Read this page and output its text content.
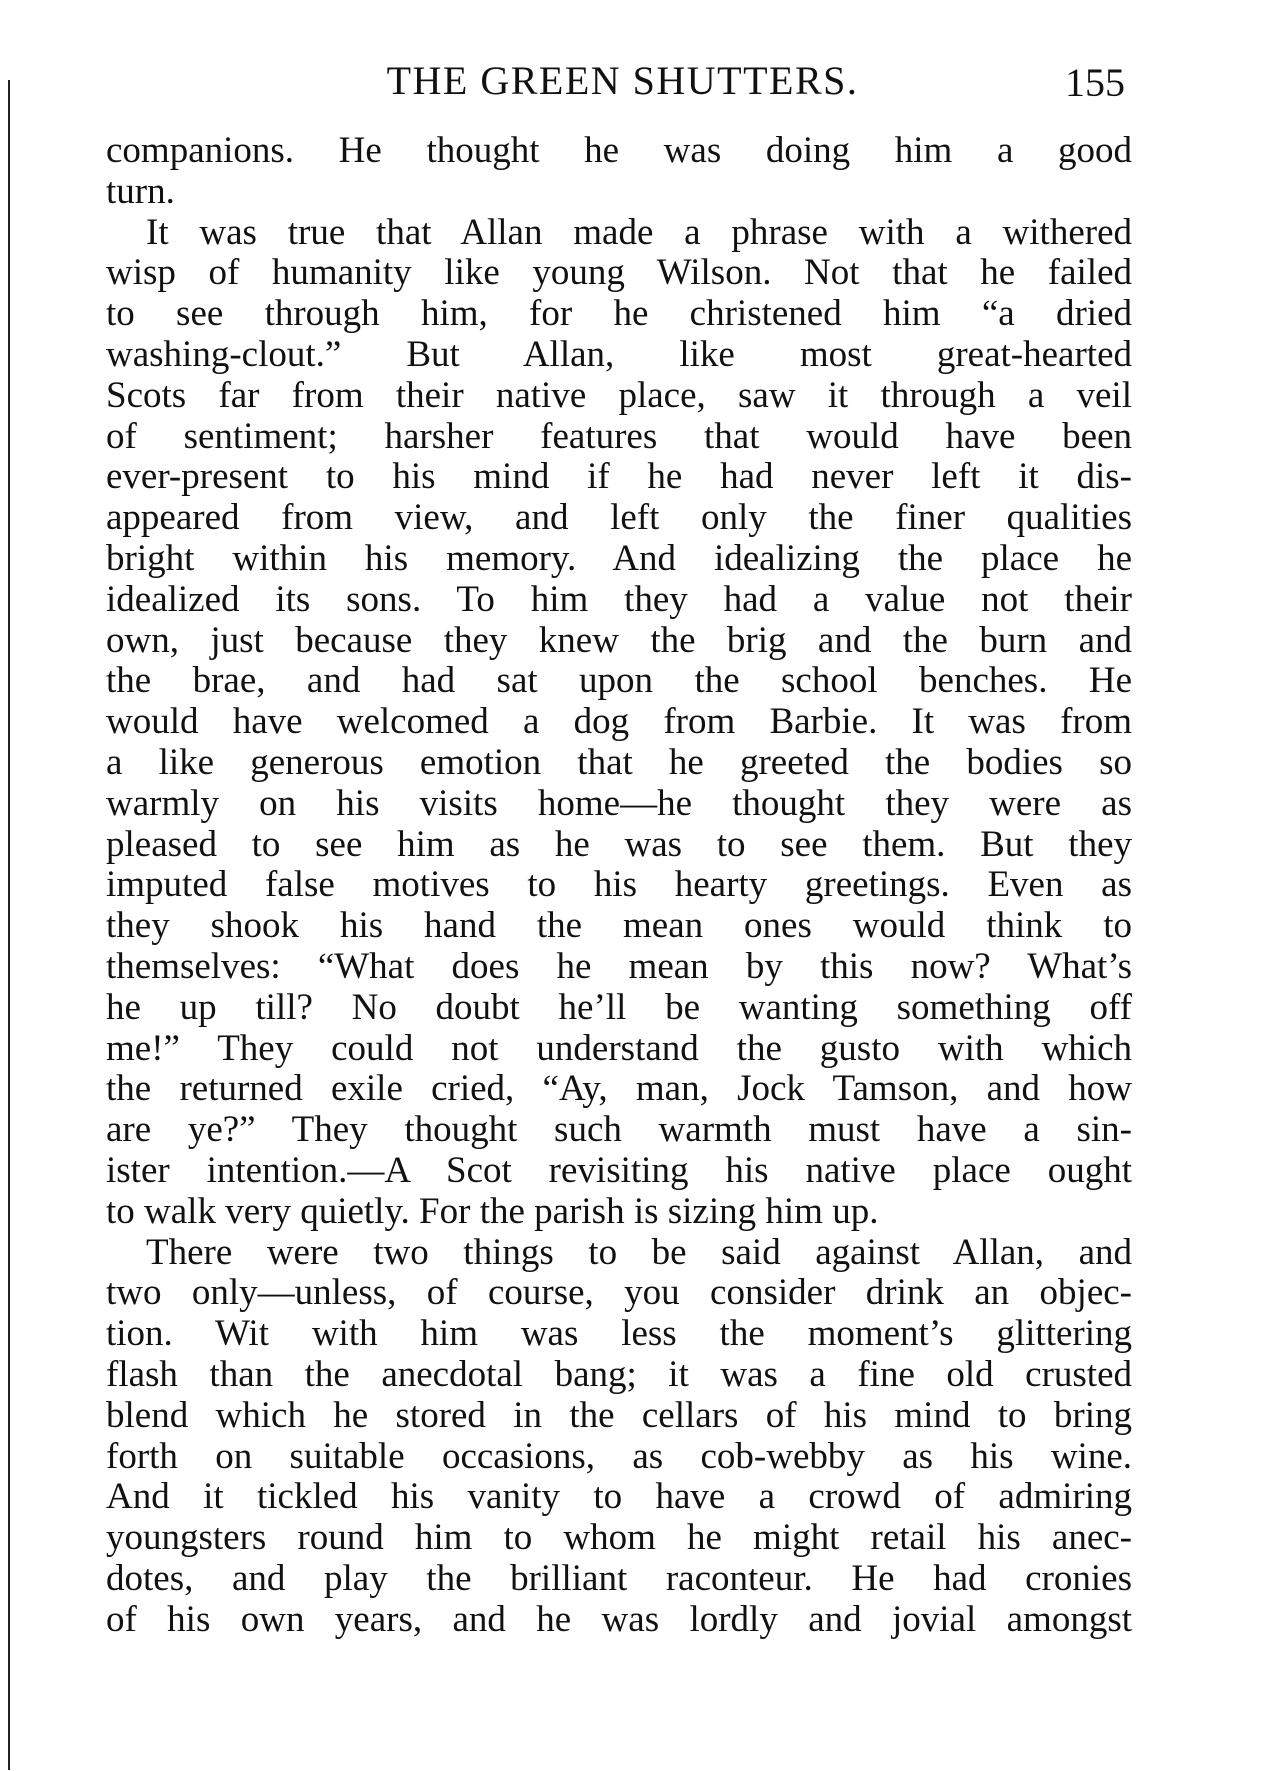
THE GREEN SHUTTERS.	155
companions. He thought he was doing him a good
turn.
It was true that Allan made a phrase with a withered
wisp of humanity like young Wilson. Not that he failed
to see through him, for he christened him “a dried
washing-clout.” But Allan, like most great-hearted
Scots far from their native place, saw it through a veil
of sentiment; harsher features that would have been
ever-present to his mind if he had never left it dis-
appeared from view, and left only the finer qualities
bright within his memory. And idealizing the place he
idealized its sons. To him they had a value not their
own, just because they knew the brig and the burn and
the brae, and had sat upon the school benches. He
would have welcomed a dog from Barbie. It was from
a like generous emotion that he greeted the bodies so
warmly on his visits home—he thought they were as
pleased to see him as he was to see them. But they
imputed false motives to his hearty greetings. Even as
they shook his hand the mean ones would think to
themselves: “What does he mean by this now? What’s
he up till? No doubt he’ll be wanting something off
me!” They could not understand the gusto with which
the returned exile cried, “Ay, man, Jock Tamson, and how
are ye?” They thought such warmth must have a sin-
ister intention.—A Scot revisiting his native place ought
to walk very quietly. For the parish is sizing him up.
There were two things to be said against Allan, and
two only—unless, of course, you consider drink an objec-
tion. Wit with him was less the moment’s glittering
flash than the anecdotal bang; it was a fine old crusted
blend which he stored in the cellars of his mind to bring
forth on suitable occasions, as cob-webby as his wine.
And it tickled his vanity to have a crowd of admiring
youngsters round him to whom he might retail his anec-
dotes, and play the brilliant raconteur. He had cronies
of his own years, and he was lordly and jovial amongst
